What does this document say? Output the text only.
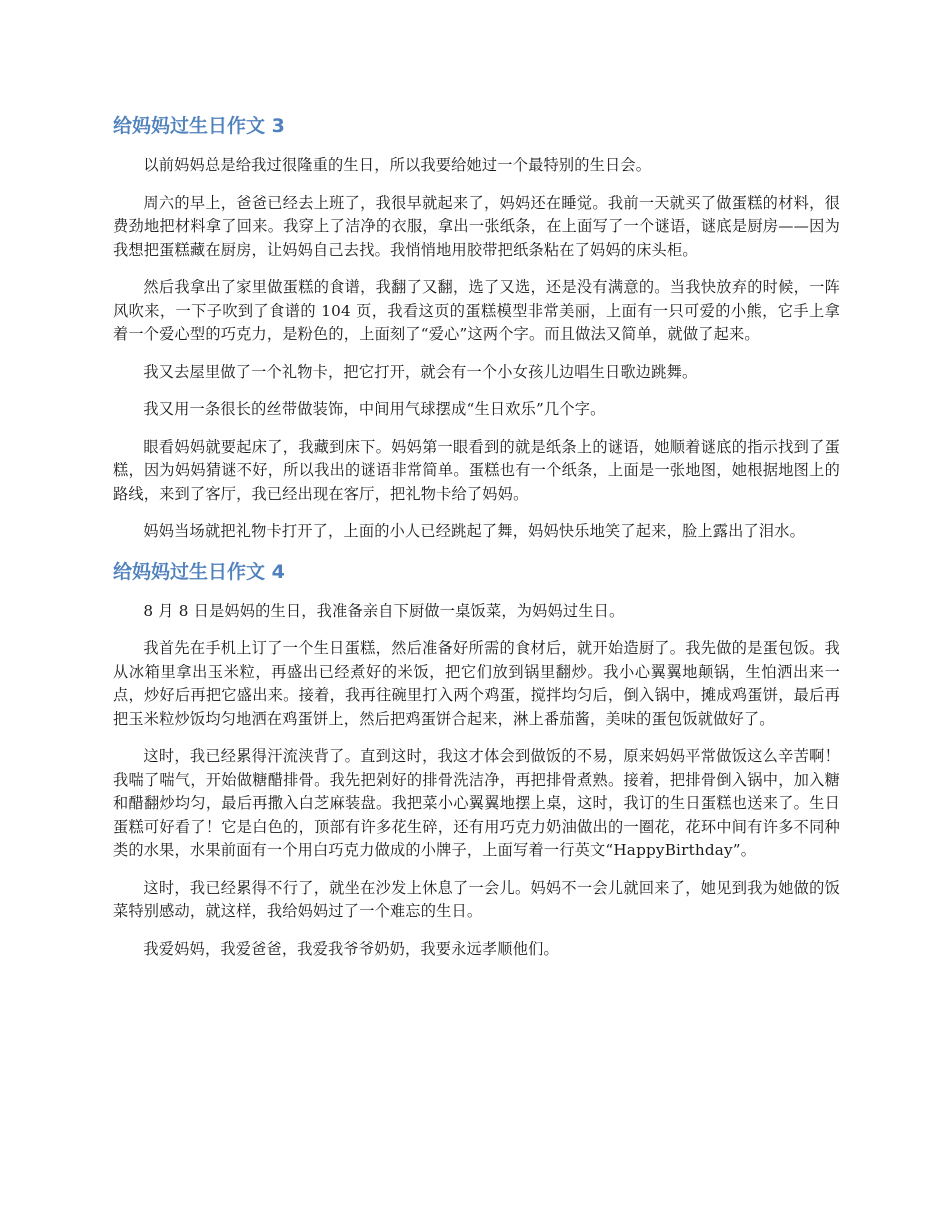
给妈妈过生日作文 3

以前妈妈总是给我过很隆重的生日，所以我要给她过一个最特别的生日会。

周六的早上，爸爸已经去上班了，我很早就起来了，妈妈还在睡觉。我前一天就买了做蛋糕的材料，很费劲地把材料拿了回来。我穿上了洁净的衣服，拿出一张纸条，在上面写了一个谜语，谜底是厨房——因为我想把蛋糕藏在厨房，让妈妈自己去找。我悄悄地用胶带把纸条粘在了妈妈的床头柜。

然后我拿出了家里做蛋糕的食谱，我翻了又翻，选了又选，还是没有满意的。当我快放弃的时候，一阵风吹来，一下子吹到了食谱的 104 页，我看这页的蛋糕模型非常美丽，上面有一只可爱的小熊，它手上拿着一个爱心型的巧克力，是粉色的，上面刻了“爱心”这两个字。而且做法又简单，就做了起来。

我又去屋里做了一个礼物卡，把它打开，就会有一个小女孩儿边唱生日歌边跳舞。

我又用一条很长的丝带做装饰，中间用气球摆成“生日欢乐”几个字。

眼看妈妈就要起床了，我藏到床下。妈妈第一眼看到的就是纸条上的谜语，她顺着谜底的指示找到了蛋糕，因为妈妈猜谜不好，所以我出的谜语非常简单。蛋糕也有一个纸条，上面是一张地图，她根据地图上的路线，来到了客厅，我已经出现在客厅，把礼物卡给了妈妈。

妈妈当场就把礼物卡打开了，上面的小人已经跳起了舞，妈妈快乐地笑了起来，脸上露出了泪水。

给妈妈过生日作文 4

8 月 8 日是妈妈的生日，我准备亲自下厨做一桌饭菜，为妈妈过生日。

我首先在手机上订了一个生日蛋糕，然后准备好所需的食材后，就开始造厨了。我先做的是蛋包饭。我从冰箱里拿出玉米粒，再盛出已经煮好的米饭，把它们放到锅里翻炒。我小心翼翼地颠锅，生怕洒出来一点，炒好后再把它盛出来。接着，我再往碗里打入两个鸡蛋，搅拌均匀后，倒入锅中，摊成鸡蛋饼，最后再把玉米粒炒饭均匀地洒在鸡蛋饼上，然后把鸡蛋饼合起来，淋上番茄酱，美味的蛋包饭就做好了。

这时，我已经累得汗流浃背了。直到这时，我这才体会到做饭的不易，原来妈妈平常做饭这么辛苦啊！我喘了喘气，开始做糖醋排骨。我先把剁好的排骨洗洁净，再把排骨煮熟。接着，把排骨倒入锅中，加入糖和醋翻炒均匀，最后再撒入白芝麻装盘。我把菜小心翼翼地摆上桌，这时，我订的生日蛋糕也送来了。生日蛋糕可好看了！它是白色的，顶部有许多花生碎，还有用巧克力奶油做出的一圈花，花环中间有许多不同种类的水果，水果前面有一个用白巧克力做成的小牌子，上面写着一行英文“HappyBirthday”。

这时，我已经累得不行了，就坐在沙发上休息了一会儿。妈妈不一会儿就回来了，她见到我为她做的饭菜特别感动，就这样，我给妈妈过了一个难忘的生日。

我爱妈妈，我爱爸爸，我爱我爷爷奶奶，我要永远孝顺他们。
